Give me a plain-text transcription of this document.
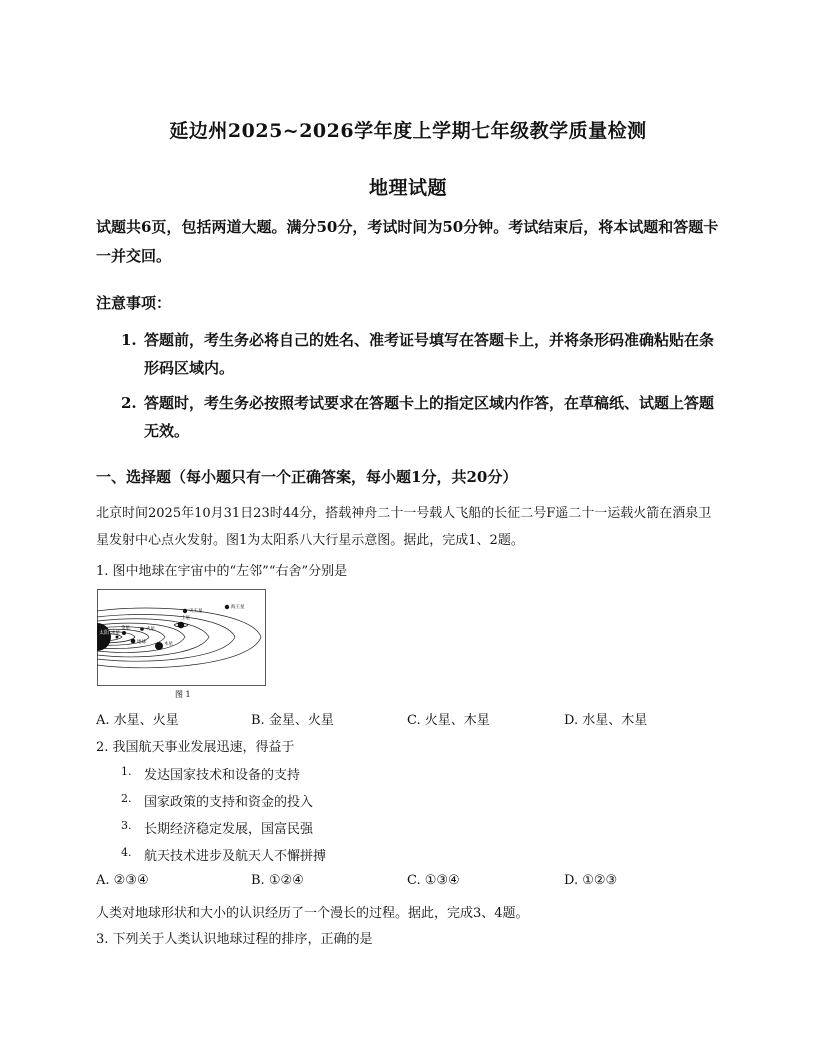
延边州2025~2026学年度上学期七年级教学质量检测
地理试题
试题共6页，包括两道大题。满分50分，考试时间为50分钟。考试结束后，将本试题和答题卡一并交回。
注意事项：
1. 答题前，考生务必将自己的姓名、准考证号填写在答题卡上，并将条形码准确粘贴在条形码区域内。
2. 答题时，考生务必按照考试要求在答题卡上的指定区域内作答，在草稿纸、试题上答题无效。
一、选择题（每小题只有一个正确答案，每小题1分，共20分）
北京时间2025年10月31日23时44分，搭载神舟二十一号载人飞船的长征二号F遥二十一运载火箭在酒泉卫星发射中心点火发射。图1为太阳系八大行星示意图。据此，完成1、2题。
1. 图中地球在宇宙中的“左邻”“右舍”分别是
太阳 水星
金星
地球
火星
木星
土星
天王星
海王星
图 1
A. 水星、火星	B. 金星、火星	C. 火星、木星	D. 水星、木星
2. 我国航天事业发展迅速，得益于
1. 发达国家技术和设备的支持
2. 国家政策的支持和资金的投入
3. 长期经济稳定发展，国富民强
4. 航天技术进步及航天人不懈拼搏
A. ②③④	B. ①②④	C. ①③④	D. ①②③
人类对地球形状和大小的认识经历了一个漫长的过程。据此，完成3、4题。
3. 下列关于人类认识地球过程的排序，正确的是
